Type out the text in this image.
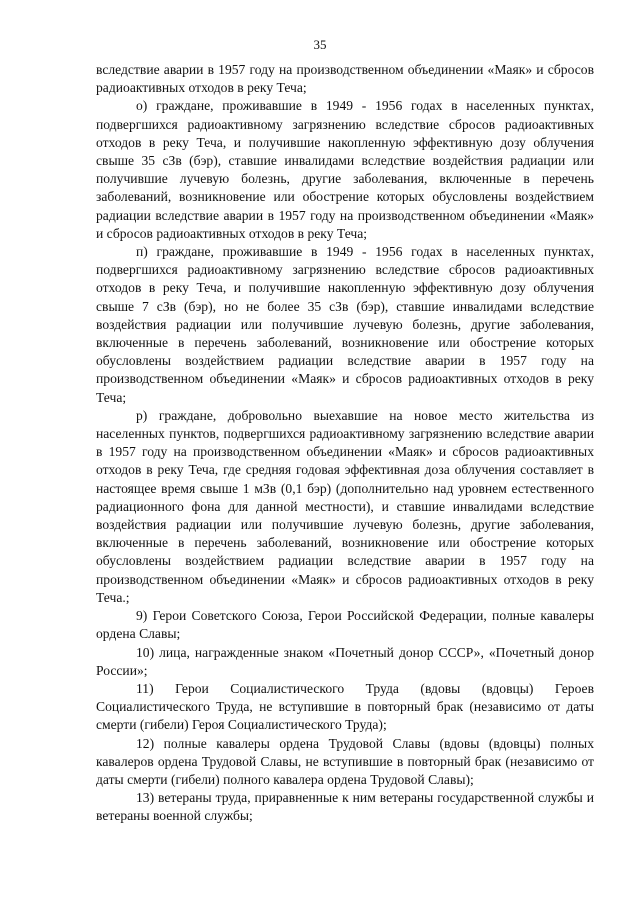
35

вследствие аварии в 1957 году на производственном объединении «Маяк» и сбросов радиоактивных отходов в реку Теча;

о) граждане, проживавшие в 1949 - 1956 годах в населенных пунктах, подвергшихся радиоактивному загрязнению вследствие сбросов радиоактивных отходов в реку Теча, и получившие накопленную эффективную дозу облучения свыше 35 сЗв (бэр), ставшие инвалидами вследствие воздействия радиации или получившие лучевую болезнь, другие заболевания, включенные в перечень заболеваний, возникновение или обострение которых обусловлены воздействием радиации вследствие аварии в 1957 году на производственном объединении «Маяк» и сбросов радиоактивных отходов в реку Теча;

п) граждане, проживавшие в 1949 - 1956 годах в населенных пунктах, подвергшихся радиоактивному загрязнению вследствие сбросов радиоактивных отходов в реку Теча, и получившие накопленную эффективную дозу облучения свыше 7 сЗв (бэр), но не более 35 сЗв (бэр), ставшие инвалидами вследствие воздействия радиации или получившие лучевую болезнь, другие заболевания, включенные в перечень заболеваний, возникновение или обострение которых обусловлены воздействием радиации вследствие аварии в 1957 году на производственном объединении «Маяк» и сбросов радиоактивных отходов в реку Теча;

р) граждане, добровольно выехавшие на новое место жительства из населенных пунктов, подвергшихся радиоактивному загрязнению вследствие аварии в 1957 году на производственном объединении «Маяк» и сбросов радиоактивных отходов в реку Теча, где средняя годовая эффективная доза облучения составляет в настоящее время свыше 1 мЗв (0,1 бэр) (дополнительно над уровнем естественного радиационного фона для данной местности), и ставшие инвалидами вследствие воздействия радиации или получившие лучевую болезнь, другие заболевания, включенные в перечень заболеваний, возникновение или обострение которых обусловлены воздействием радиации вследствие аварии в 1957 году на производственном объединении «Маяк» и сбросов радиоактивных отходов в реку Теча.;

9) Герои Советского Союза, Герои Российской Федерации, полные кавалеры ордена Славы;

10) лица, награжденные знаком «Почетный донор СССР», «Почетный донор России»;

11) Герои Социалистического Труда (вдовы (вдовцы) Героев Социалистического Труда, не вступившие в повторный брак (независимо от даты смерти (гибели) Героя Социалистического Труда);

12) полные кавалеры ордена Трудовой Славы (вдовы (вдовцы) полных кавалеров ордена Трудовой Славы, не вступившие в повторный брак (независимо от даты смерти (гибели) полного кавалера ордена Трудовой Славы);

13) ветераны труда, приравненные к ним ветераны государственной службы и ветераны военной службы;
